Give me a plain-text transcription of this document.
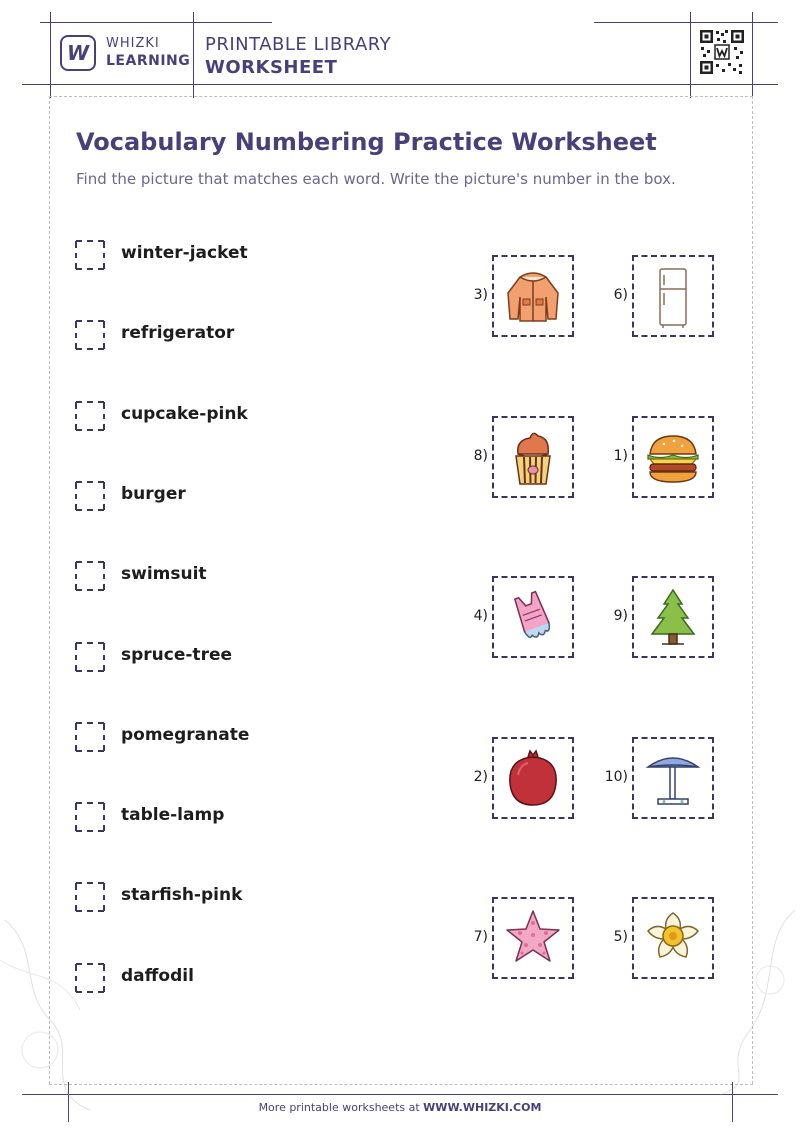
W WHIZKI
LEARNING
PRINTABLE LIBRARY
WORKSHEET
Vocabulary Numbering Practice Worksheet
Find the picture that matches each word. Write the picture's number in the box.
winter-jacket
refrigerator
cupcake-pink
burger
swimsuit
spruce-tree
pomegranate
table-lamp
starfish-pink
daffodil
3)	6)
8)	1)
4)	9)
2)	10)
7)	5)
More printable worksheets at WWW.WHIZKI.COM
